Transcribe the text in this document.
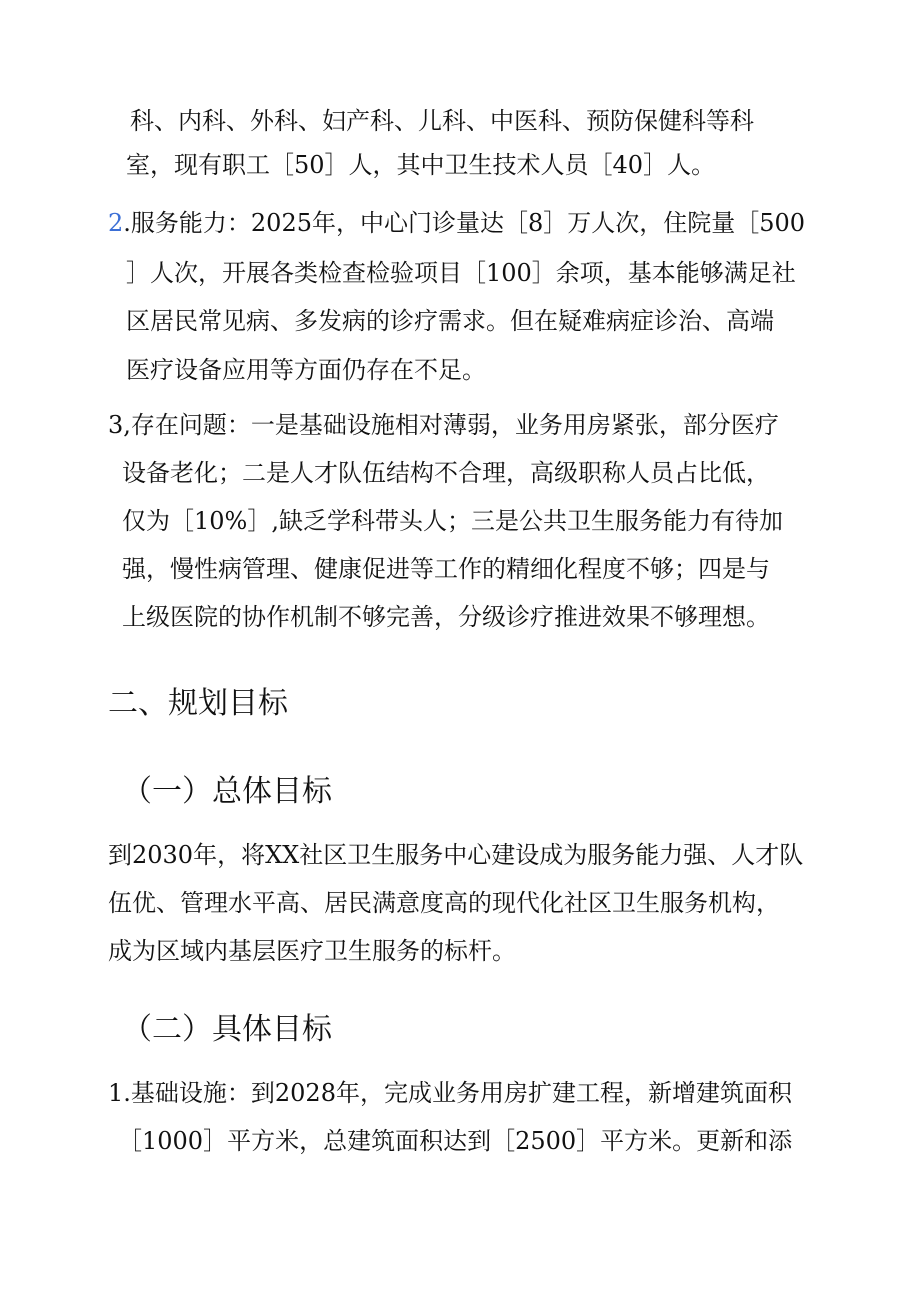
科、内科、外科、妇产科、儿科、中医科、预防保健科等科
室，现有职工［50］人，其中卫生技术人员［40］人。
2.服务能力：2025年，中心门诊量达［8］万人次，住院量［500
］人次，开展各类检查检验项目［100］余项，基本能够满足社
区居民常见病、多发病的诊疗需求。但在疑难病症诊治、高端
医疗设备应用等方面仍存在不足。
3,存在问题：一是基础设施相对薄弱，业务用房紧张，部分医疗
设备老化；二是人才队伍结构不合理，高级职称人员占比低，
仅为［10%］,缺乏学科带头人；三是公共卫生服务能力有待加
强，慢性病管理、健康促进等工作的精细化程度不够；四是与
上级医院的协作机制不够完善，分级诊疗推进效果不够理想。
二、规划目标
（一）总体目标
到2030年，将XX社区卫生服务中心建设成为服务能力强、人才队
伍优、管理水平高、居民满意度高的现代化社区卫生服务机构，
成为区域内基层医疗卫生服务的标杆。
（二）具体目标
1.基础设施：到2028年，完成业务用房扩建工程，新增建筑面积
［1000］平方米，总建筑面积达到［2500］平方米。更新和添
